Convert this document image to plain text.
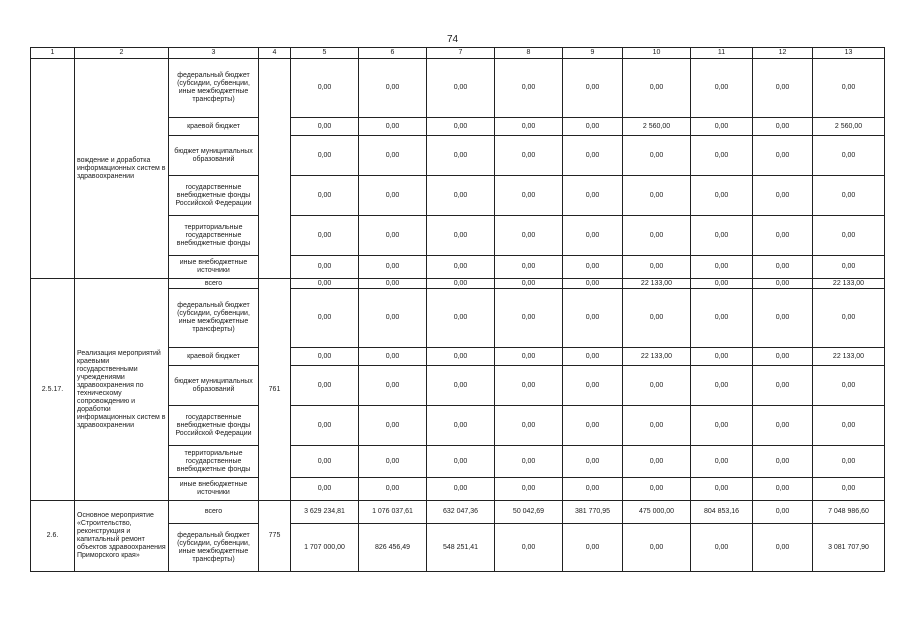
74
1	2	3	4	5	6	7	8	9	10	11	12	13
	вождение и доработка информационных систем в здравоохранении	федеральный бюджет (субсидии, субвенции, иные межбюджетные трансферты)		0,00	0,00	0,00	0,00	0,00	0,00	0,00	0,00	0,00
		краевой бюджет		0,00	0,00	0,00	0,00	0,00	2 560,00	0,00	0,00	2 560,00
		бюджет муниципальных образований		0,00	0,00	0,00	0,00	0,00	0,00	0,00	0,00	0,00
		государственные внебюджетные фонды Российской Федерации		0,00	0,00	0,00	0,00	0,00	0,00	0,00	0,00	0,00
		территориальные государственные внебюджетные фонды		0,00	0,00	0,00	0,00	0,00	0,00	0,00	0,00	0,00
		иные внебюджетные источники		0,00	0,00	0,00	0,00	0,00	0,00	0,00	0,00	0,00
2.5.17.	Реализация мероприятий краевыми государственными учреждениями здравоохранения по техническому сопровождению и доработки информационных систем в здравоохранении	всего	761	0,00	0,00	0,00	0,00	0,00	22 133,00	0,00	0,00	22 133,00
		федеральный бюджет (субсидии, субвенции, иные межбюджетные трансферты)		0,00	0,00	0,00	0,00	0,00	0,00	0,00	0,00	0,00
		краевой бюджет		0,00	0,00	0,00	0,00	0,00	22 133,00	0,00	0,00	22 133,00
		бюджет муниципальных образований		0,00	0,00	0,00	0,00	0,00	0,00	0,00	0,00	0,00
		государственные внебюджетные фонды Российской Федерации		0,00	0,00	0,00	0,00	0,00	0,00	0,00	0,00	0,00
		территориальные государственные внебюджетные фонды		0,00	0,00	0,00	0,00	0,00	0,00	0,00	0,00	0,00
		иные внебюджетные источники		0,00	0,00	0,00	0,00	0,00	0,00	0,00	0,00	0,00
2.6.	Основное мероприятие «Строительство, реконструкция и капитальный ремонт объектов здравоохранения Приморского края»	всего	775	3 629 234,81	1 076 037,61	632 047,36	50 042,69	381 770,95	475 000,00	804 853,16	0,00	7 048 986,60
		федеральный бюджет (субсидии, субвенции, иные межбюджетные трансферты)		1 707 000,00	826 456,49	548 251,41	0,00	0,00	0,00	0,00	0,00	3 081 707,90
